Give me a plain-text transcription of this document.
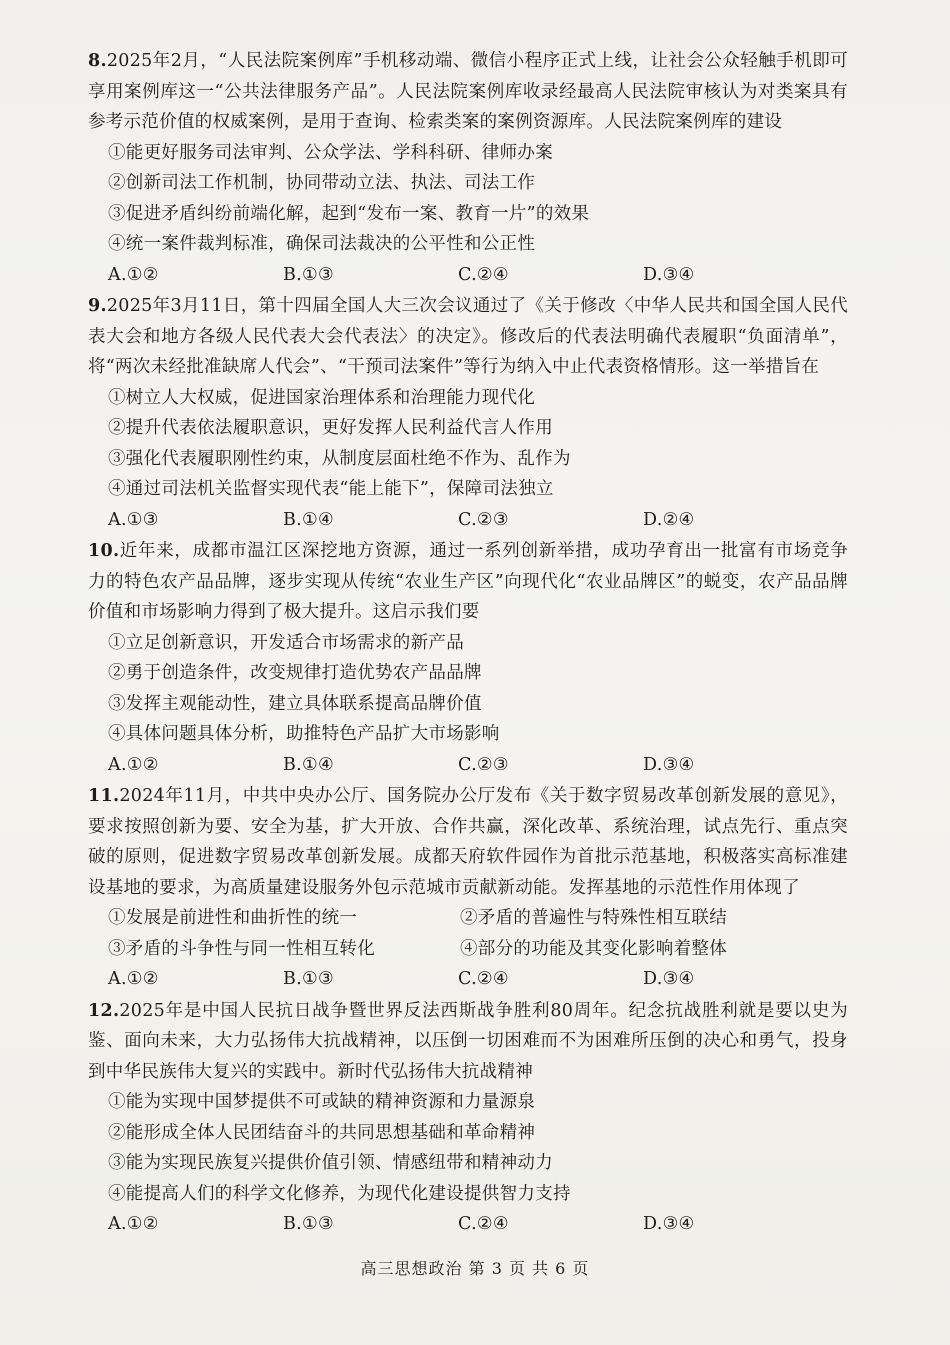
8.2025年2月，“人民法院案例库”手机移动端、微信小程序正式上线，让社会公众轻触手机即可享用案例库这一“公共法律服务产品”。人民法院案例库收录经最高人民法院审核认为对类案具有参考示范价值的权威案例，是用于查询、检索类案的案例资源库。人民法院案例库的建设

①能更好服务司法审判、公众学法、学科科研、律师办案

②创新司法工作机制，协同带动立法、执法、司法工作

③促进矛盾纠纷前端化解，起到“发布一案、教育一片”的效果

④统一案件裁判标准，确保司法裁决的公平性和公正性

A.①②	B.①③	C.②④	D.③④

9.2025年3月11日，第十四届全国人大三次会议通过了《关于修改〈中华人民共和国全国人民代表大会和地方各级人民代表大会代表法〉的决定》。修改后的代表法明确代表履职“负面清单”，将“两次未经批准缺席人代会”、“干预司法案件”等行为纳入中止代表资格情形。这一举措旨在

①树立人大权威，促进国家治理体系和治理能力现代化

②提升代表依法履职意识，更好发挥人民利益代言人作用

③强化代表履职刚性约束，从制度层面杜绝不作为、乱作为

④通过司法机关监督实现代表“能上能下”，保障司法独立

A.①③	B.①④	C.②③	D.②④

10.近年来，成都市温江区深挖地方资源，通过一系列创新举措，成功孕育出一批富有市场竞争力的特色农产品品牌，逐步实现从传统“农业生产区”向现代化“农业品牌区”的蜕变，农产品品牌价值和市场影响力得到了极大提升。这启示我们要

①立足创新意识，开发适合市场需求的新产品

②勇于创造条件，改变规律打造优势农产品品牌

③发挥主观能动性，建立具体联系提高品牌价值

④具体问题具体分析，助推特色产品扩大市场影响

A.①②	B.①④	C.②③	D.③④

11.2024年11月，中共中央办公厅、国务院办公厅发布《关于数字贸易改革创新发展的意见》，要求按照创新为要、安全为基，扩大开放、合作共赢，深化改革、系统治理，试点先行、重点突破的原则，促进数字贸易改革创新发展。成都天府软件园作为首批示范基地，积极落实高标准建设基地的要求，为高质量建设服务外包示范城市贡献新动能。发挥基地的示范性作用体现了

①发展是前进性和曲折性的统一	②矛盾的普遍性与特殊性相互联结

③矛盾的斗争性与同一性相互转化	④部分的功能及其变化影响着整体

A.①②	B.①③	C.②④	D.③④

12.2025年是中国人民抗日战争暨世界反法西斯战争胜利80周年。纪念抗战胜利就是要以史为鉴、面向未来，大力弘扬伟大抗战精神，以压倒一切困难而不为困难所压倒的决心和勇气，投身到中华民族伟大复兴的实践中。新时代弘扬伟大抗战精神

①能为实现中国梦提供不可或缺的精神资源和力量源泉

②能形成全体人民团结奋斗的共同思想基础和革命精神

③能为实现民族复兴提供价值引领、情感纽带和精神动力

④能提高人们的科学文化修养，为现代化建设提供智力支持

A.①②	B.①③	C.②④	D.③④
高三思想政治 第 3 页 共 6 页
